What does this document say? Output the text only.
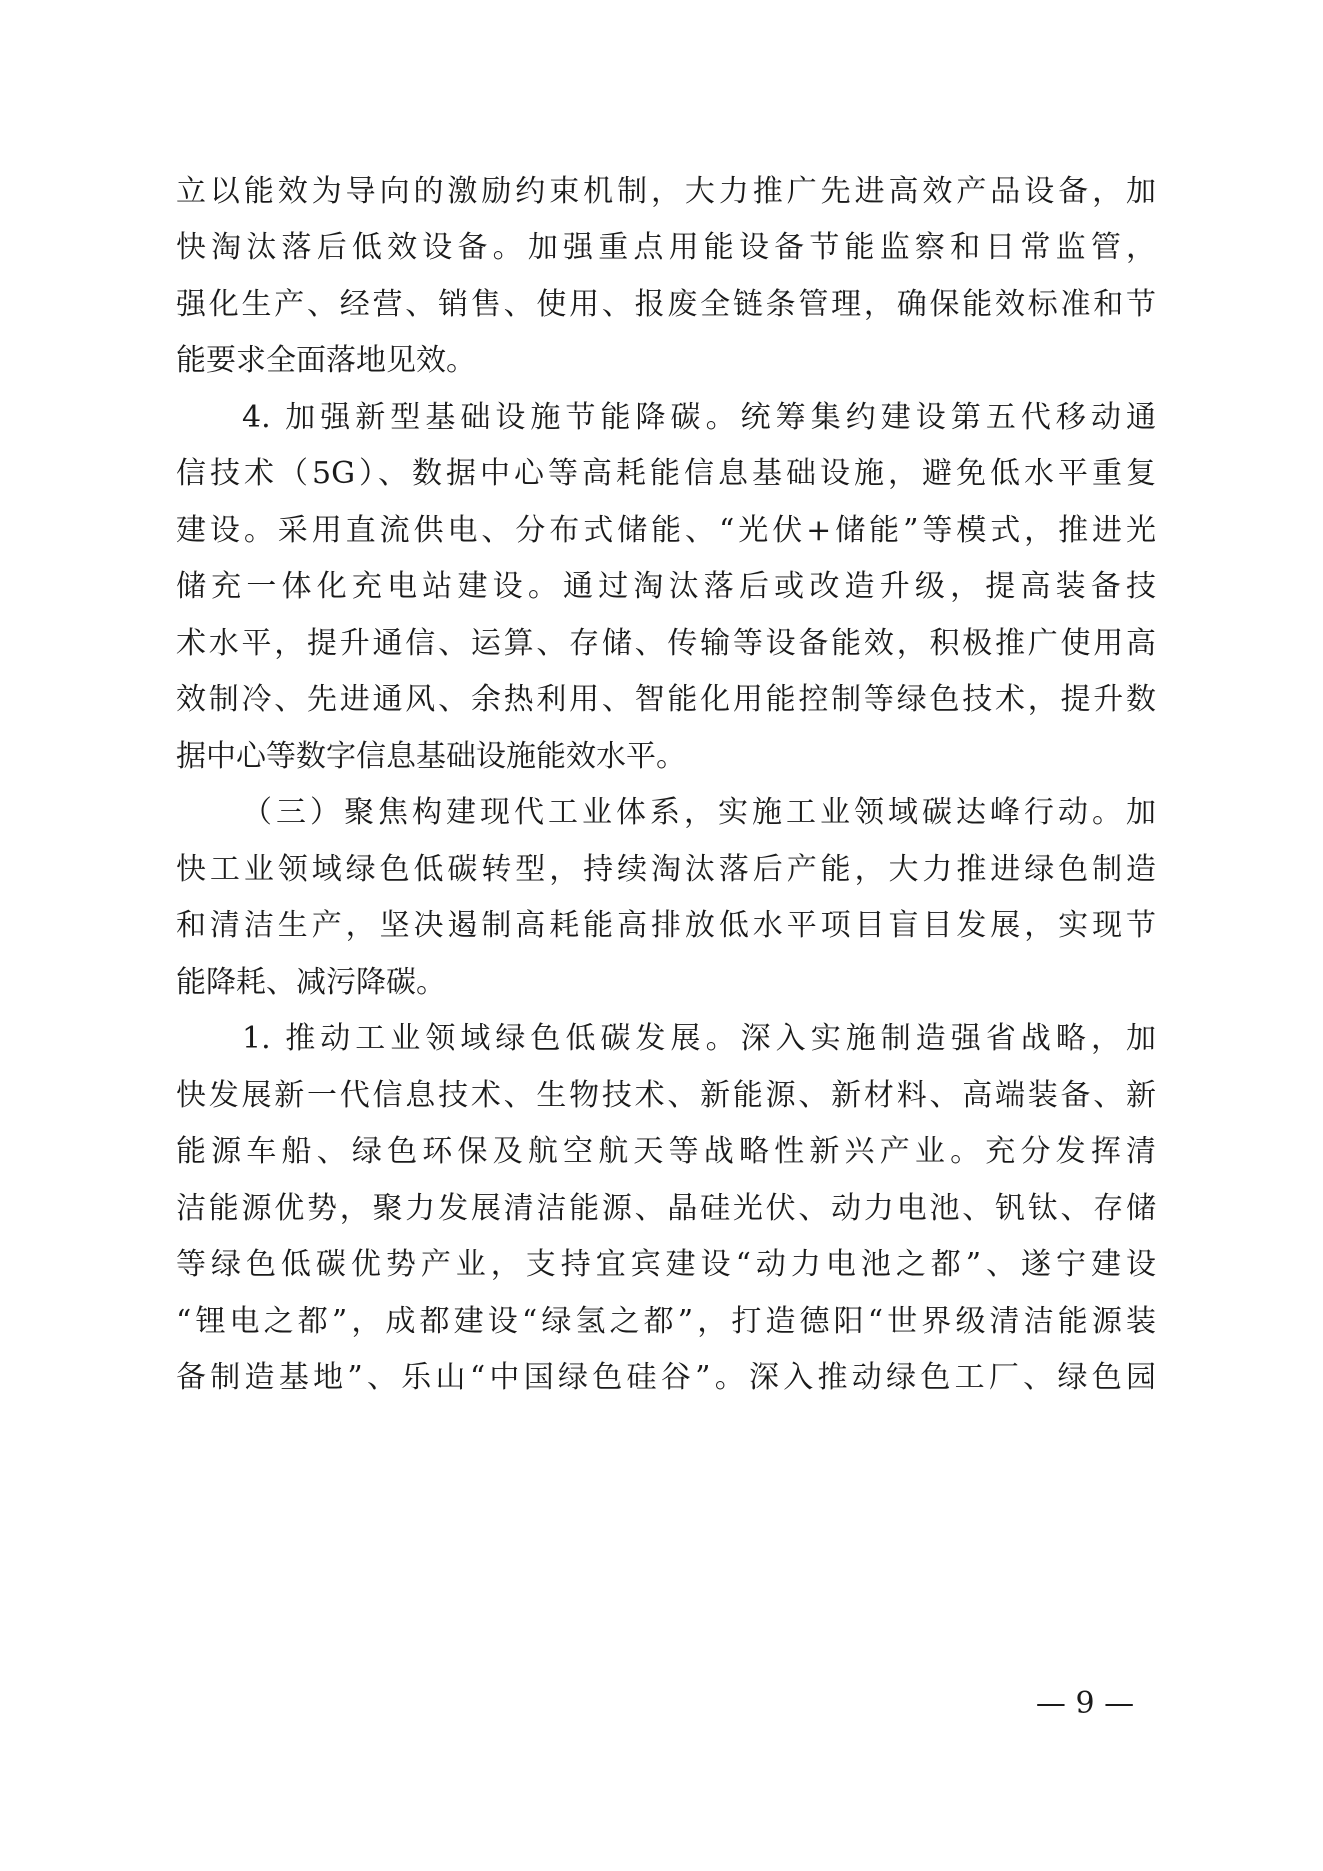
立以能效为导向的激励约束机制，大力推广先进高效产品设备，加
快淘汰落后低效设备。加强重点用能设备节能监察和日常监管，
强化生产、经营、销售、使用、报废全链条管理，确保能效标准和节
能要求全面落地见效。
4. 加强新型基础设施节能降碳。统筹集约建设第五代移动通
信技术（5G）、数据中心等高耗能信息基础设施，避免低水平重复
建设。采用直流供电、分布式储能、“光伏+储能”等模式，推进光
储充一体化充电站建设。通过淘汰落后或改造升级，提高装备技
术水平，提升通信、运算、存储、传输等设备能效，积极推广使用高
效制冷、先进通风、余热利用、智能化用能控制等绿色技术，提升数
据中心等数字信息基础设施能效水平。
（三）聚焦构建现代工业体系，实施工业领域碳达峰行动。加
快工业领域绿色低碳转型，持续淘汰落后产能，大力推进绿色制造
和清洁生产，坚决遏制高耗能高排放低水平项目盲目发展，实现节
能降耗、减污降碳。
1. 推动工业领域绿色低碳发展。深入实施制造强省战略，加
快发展新一代信息技术、生物技术、新能源、新材料、高端装备、新
能源车船、绿色环保及航空航天等战略性新兴产业。充分发挥清
洁能源优势，聚力发展清洁能源、晶硅光伏、动力电池、钒钛、存储
等绿色低碳优势产业，支持宜宾建设“动力电池之都”、遂宁建设
“锂电之都”，成都建设“绿氢之都”，打造德阳“世界级清洁能源装
备制造基地”、乐山“中国绿色硅谷”。深入推动绿色工厂、绿色园
— 9 —
